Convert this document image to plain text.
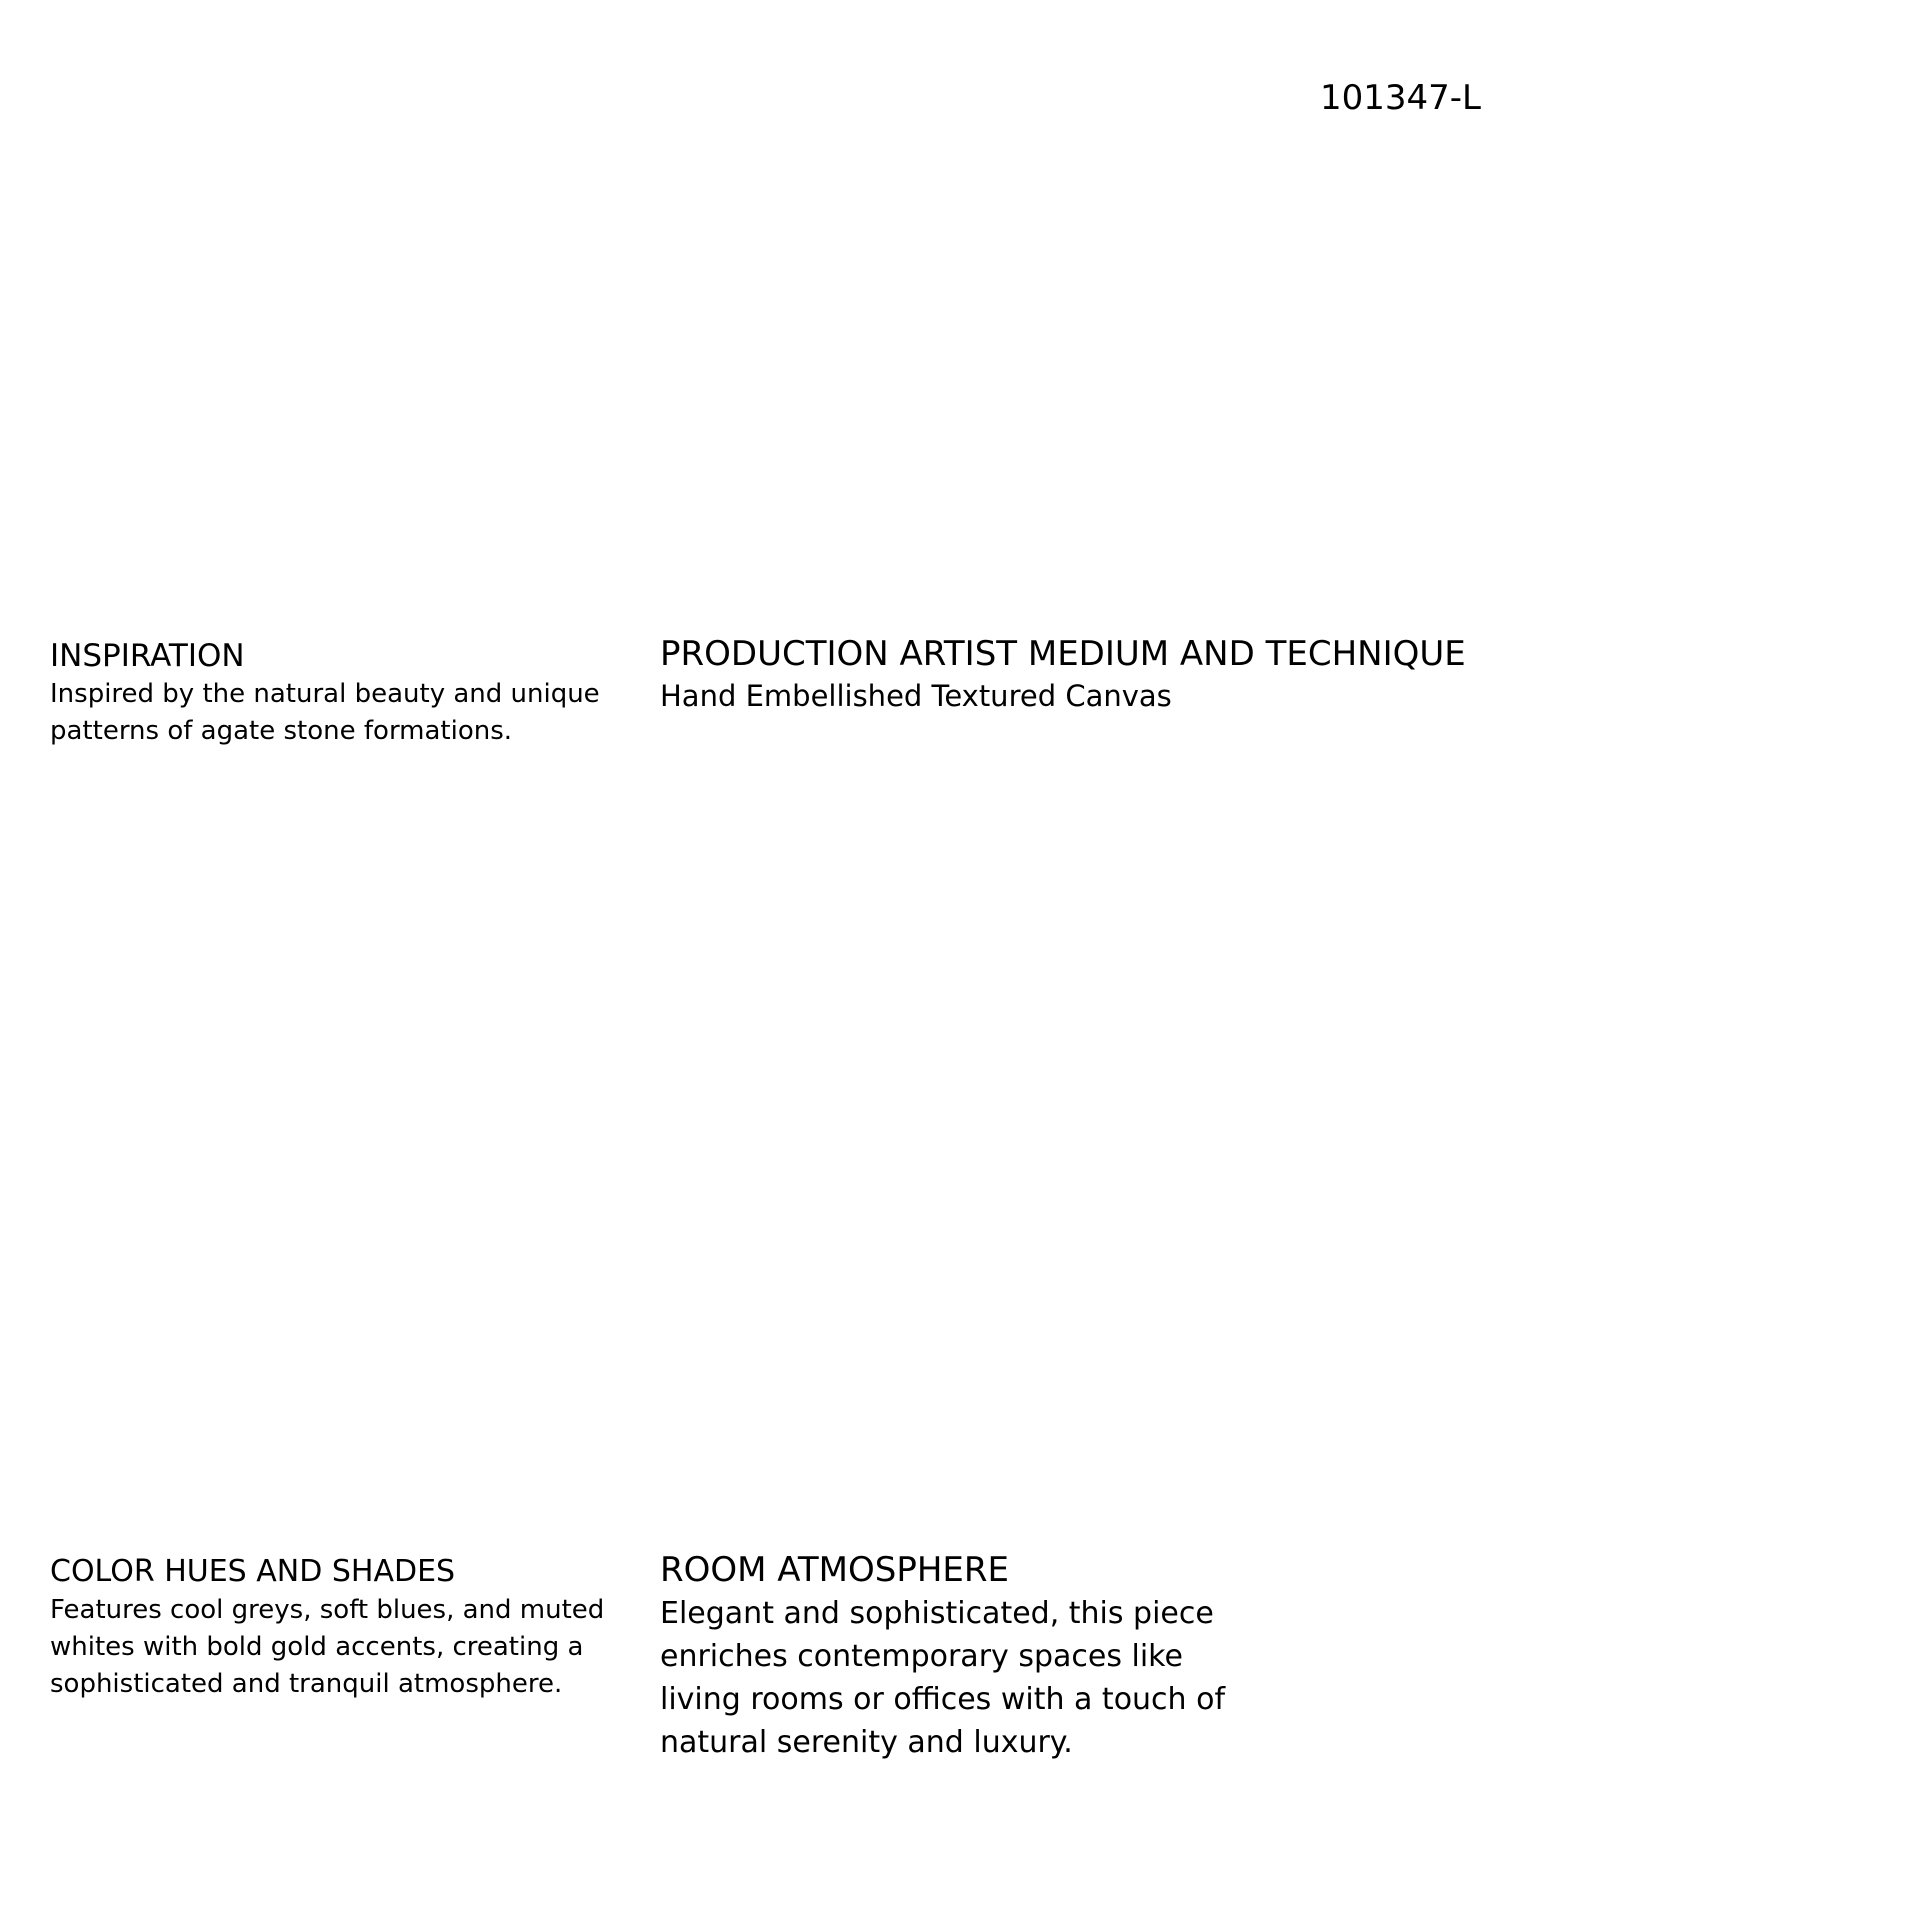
101347-L
INSPIRATION

Inspired by the natural beauty and unique patterns of agate stone formations.

PRODUCTION ARTIST MEDIUM AND TECHNIQUE

Hand Embellished Textured Canvas

COLOR HUES AND SHADES

Features cool greys, soft blues, and muted whites with bold gold accents, creating a sophisticated and tranquil atmosphere.

ROOM ATMOSPHERE

Elegant and sophisticated, this piece enriches contemporary spaces like living rooms or offices with a touch of natural serenity and luxury.
